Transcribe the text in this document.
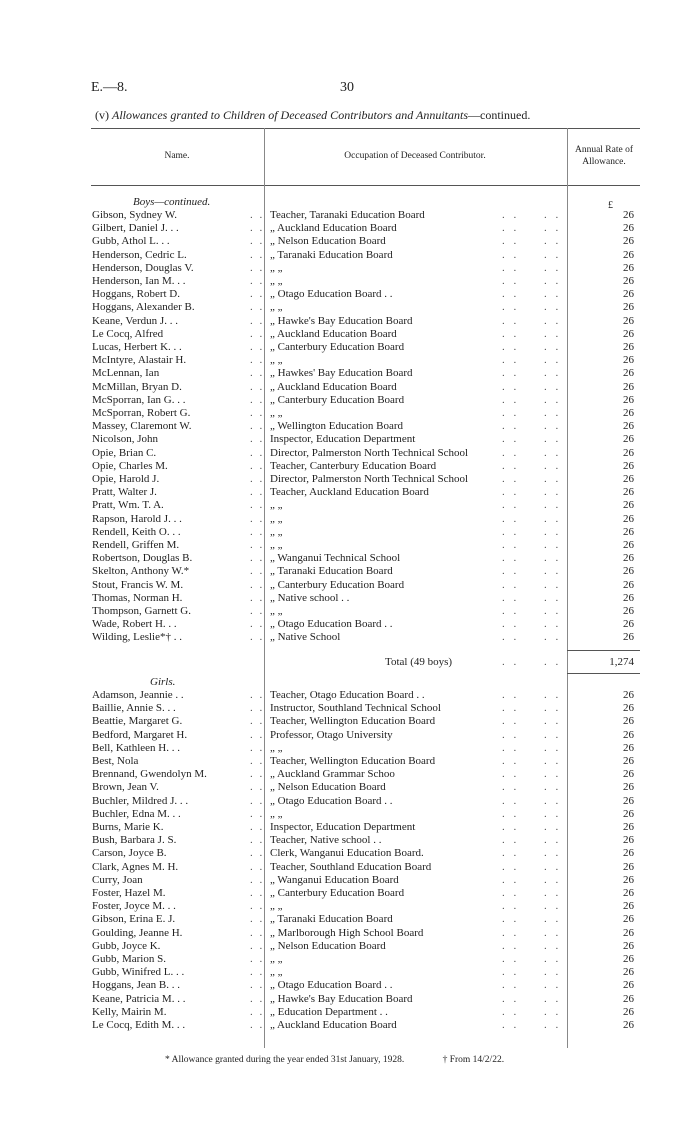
E.—8.	30
(v) Allowances granted to Children of Deceased Contributors and Annuitants—continued.
Name.	Occupation of Deceased Contributor.
Annual Rate of Allowance.
£
Boys—continued.
Gibson, Sydney W.	. . Teacher, Taranaki Education Board	. . . .	26
Gilbert, Daniel J. . .	. . „ Auckland Education Board	. . . .	26
Gubb, Athol L. . .	. . „ Nelson Education Board	. . . .	26
Henderson, Cedric L.	. . „ Taranaki Education Board	. . . .	26
Henderson, Douglas V.	. . „ „	. . . .	26
Henderson, Ian M. . .	. . „ „	. . . .	26
Hoggans, Robert D.	. . „ Otago Education Board . .	. . . .	26
Hoggans, Alexander B.	. . „ „	. . . .	26
Keane, Verdun J. . .	. . „ Hawke's Bay Education Board	. . . .	26
Le Cocq, Alfred	. . „ Auckland Education Board	. . . .	26
Lucas, Herbert K. . .	. . „ Canterbury Education Board	. . . .	26
McIntyre, Alastair H.	. . „ „	. . . .	26
McLennan, Ian	. . „ Hawkes' Bay Education Board	. . . .	26
McMillan, Bryan D.	. . „ Auckland Education Board	. . . .	26
McSporran, Ian G. . .	. . „ Canterbury Education Board	. . . .	26
McSporran, Robert G.	. . „ „	. . . .	26
Massey, Claremont W.	. . „ Wellington Education Board	. . . .	26
Nicolson, John	. . Inspector, Education Department	. . . .	26
Opie, Brian C.	. . Director, Palmerston North Technical School	. . . .	26
Opie, Charles M.	. . Teacher, Canterbury Education Board	. . . .	26
Opie, Harold J.	. . Director, Palmerston North Technical School	. . . .	26
Pratt, Walter J.	. . Teacher, Auckland Education Board	. . . .	26
Pratt, Wm. T. A.	. . „ „	. . . .	26
Rapson, Harold J. . .	. . „ „	. . . .	26
Rendell, Keith O. . .	. . „ „	. . . .	26
Rendell, Griffen M.	. . „ „	. . . .	26
Robertson, Douglas B.	. . „ Wanganui Technical School	. . . .	26
Skelton, Anthony W.*	. . „ Taranaki Education Board	. . . .	26
Stout, Francis W. M.	. . „ Canterbury Education Board	. . . .	26
Thomas, Norman H.	. . „ Native school . .	. . . .	26
Thompson, Garnett G.	. . „ „	. . . .	26
Wade, Robert H. . .	. . „ Otago Education Board . .	. . . .	26
Wilding, Leslie*† . .	. . „ Native School	. . . .	26
Total (49 boys)	. . . .	1,274
Girls.
Adamson, Jeannie . .	. . Teacher, Otago Education Board . .	. . . .	26
Baillie, Annie S. . .	. . Instructor, Southland Technical School	. . . .	26
Beattie, Margaret G.	. . Teacher, Wellington Education Board	. . . .	26
Bedford, Margaret H.	. . Professor, Otago University	. . . .	26
Bell, Kathleen H. . .	. . „ „	. . . .	26
Best, Nola	. . Teacher, Wellington Education Board	. . . .	26
Brennand, Gwendolyn M.	. . „ Auckland Grammar Schoo	. . . .	26
Brown, Jean V.	. . „ Nelson Education Board	. . . .	26
Buchler, Mildred J. . .	. . „ Otago Education Board . .	. . . .	26
Buchler, Edna M. . .	. . „ „	. . . .	26
Burns, Marie K.	. . Inspector, Education Department	. . . .	26
Bush, Barbara J. S.	. . Teacher, Native school . .	. . . .	26
Carson, Joyce B.	. . Clerk, Wanganui Education Board.	. . . .	26
Clark, Agnes M. H.	. . Teacher, Southland Education Board	. . . .	26
Curry, Joan	. . „ Wanganui Education Board	. . . .	26
Foster, Hazel M.	. . „ Canterbury Education Board	. . . .	26
Foster, Joyce M. . .	. . „ „	. . . .	26
Gibson, Erina E. J.	. . „ Taranaki Education Board	. . . .	26
Goulding, Jeanne H.	. . „ Marlborough High School Board	. . . .	26
Gubb, Joyce K.	. . „ Nelson Education Board	. . . .	26
Gubb, Marion S.	. . „ „	. . . .	26
Gubb, Winifred L. . .	. . „ „	. . . .	26
Hoggans, Jean B. . .	. . „ Otago Education Board . .	. . . .	26
Keane, Patricia M. . .	. . „ Hawke's Bay Education Board	. . . .	26
Kelly, Mairin M.	. . „ Education Department . .	. . . .	26
Le Cocq, Edith M. . .	. . „ Auckland Education Board	. . . .	26
* Allowance granted during the year ended 31st January, 1928.	† From 14/2/22.
